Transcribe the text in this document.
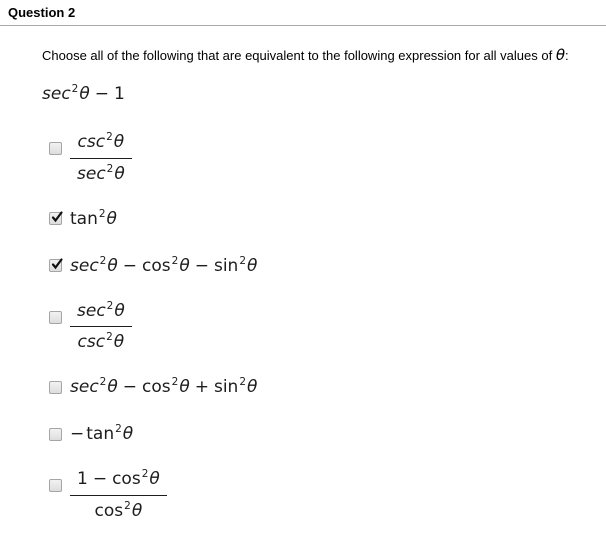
Question 2

Choose all of the following that are equivalent to the following expression for all values of θ:

$\sec^2\theta - 1$
$\frac{\csc^2\theta}{\sec^2\theta}$
$\tan^2\theta$
$\sec^2\theta - \cos^2\theta - \sin^2\theta$
$\frac{\sec^2\theta}{\csc^2\theta}$
$\sec^2\theta - \cos^2\theta + \sin^2\theta$
− $\tan^2\theta$
$\frac{1 - \cos^2\theta}{\cos^2\theta}$
